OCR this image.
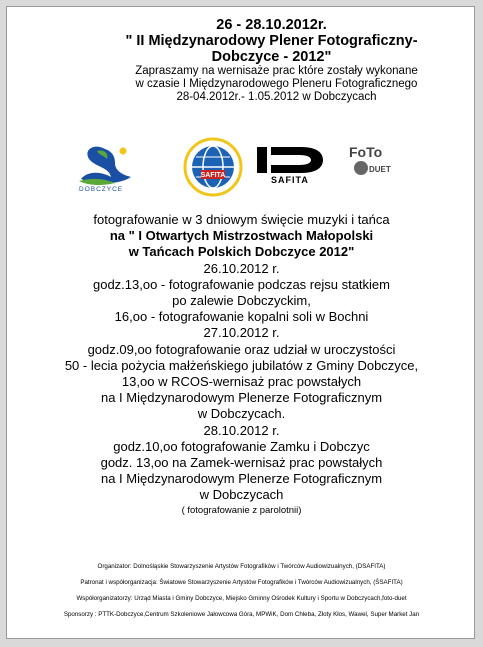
26 - 28.10.2012r.
" II Międzynarodowy Plener Fotograficzny-
Dobczyce - 2012"
Zapraszamy na wernisaże prac które zostały wykonane
w czasie I Międzynarodowego Pleneru Fotograficznego
28-04.2012r.- 1.05.2012 w Dobczycach
DOBCZYCE
SAFITA	SAFITA
FoTo
DUET
fotografowanie w 3 dniowym święcie muzyki i tańca
na " I Otwartych Mistrzostwach Małopolski
w Tańcach Polskich Dobczyce 2012"
26.10.2012 r.
godz.13,oo - fotografowanie podczas rejsu statkiem
po zalewie Dobczyckim,
16,oo - fotografowanie kopalni soli w Bochni
27.10.2012 r.
godz.09,oo fotografowanie oraz udział w uroczystości
50 - lecia pożycia małżeńskiego jubilatów z Gminy Dobczyce,
13,oo w RCOS-wernisaż prac powstałych
na I Międzynarodowym Plenerze Fotograficznym
w Dobczycach.
28.10.2012 r.
godz.10,oo fotografowanie Zamku i Dobczyc
godz. 13,oo na Zamek-wernisaż prac powstałych
na I Międzynarodowym Plenerze Fotograficznym
w Dobczycach
( fotografowanie z parolotnii)
Organizator: Dolnośląskie Stowarzyszenie Artystów Fotografików i Twórców Audiowizualnych, (DSAFITA)
Patronat i współorganizacja: Światowe Stowarzyszenie Artystów Fotografików i Twórców Audiowizualnych, (ŚSAFITA)
Współorganizatorzy: Urząd Miasta i Gminy Dobczyce, Miejsko Gminny Ośrodek Kultury i Sportu w Dobczycach,foto-duet
Sponsorzy : PTTK-Dobczyce,Centrum Szkoleniowe Jałowcowa Góra, MPWiK, Dom Chleba, Złoty Kłos, Wawel, Super Market Jan
